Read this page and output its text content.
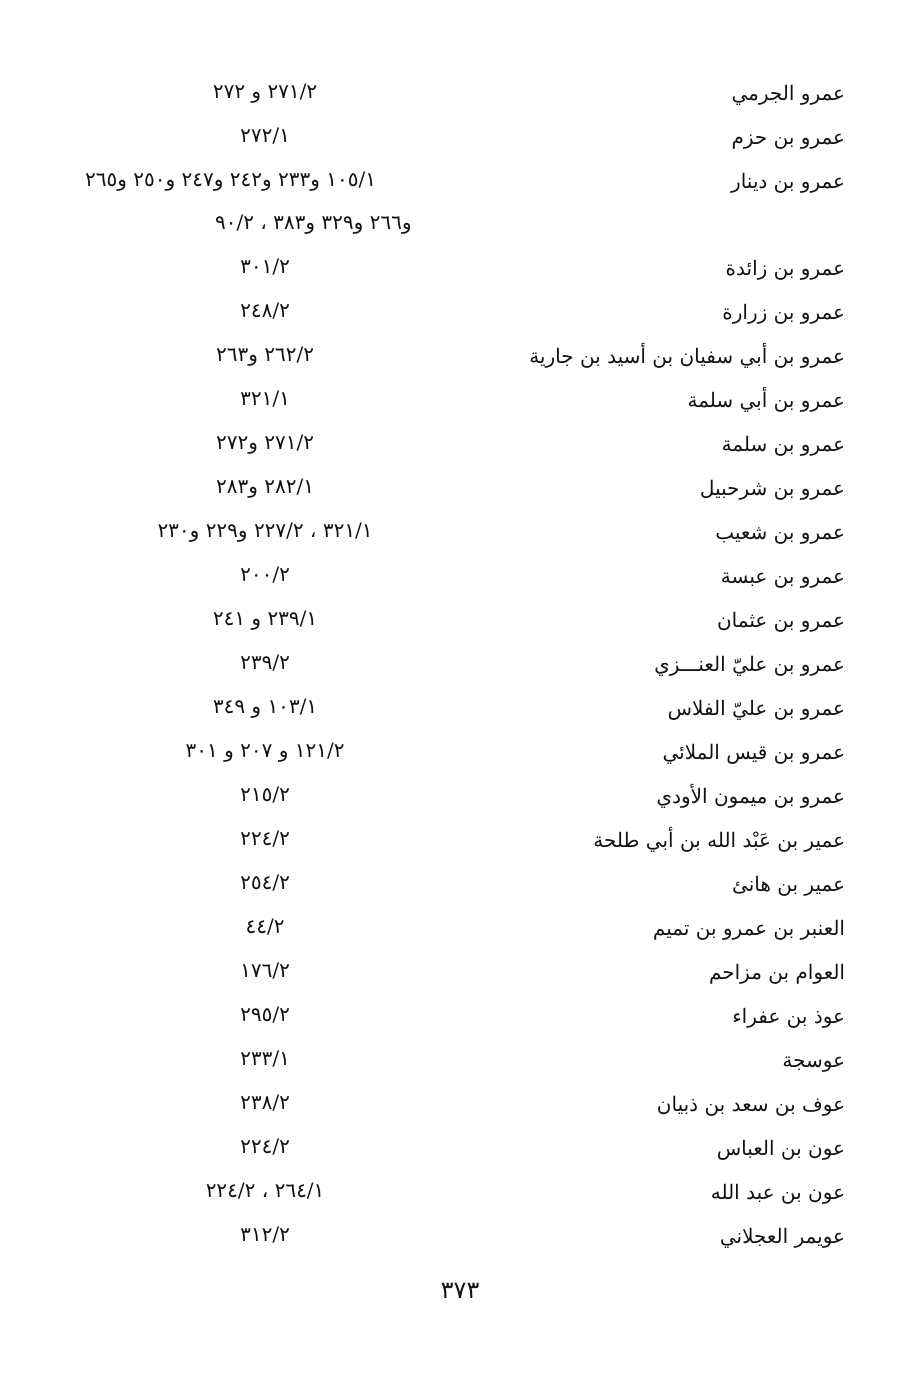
عمرو الجرمي
٢٧١/٢ و ٢٧٢
عمرو بن حزم
٢٧٢/١
عمرو بن دينار
١٠٥/١ و٢٣٣ و٢٤٢ و٢٤٧ و٢٥٠ و٢٦٥
و٢٦٦ و٣٢٩ و٣٨٣ ، ٩٠/٢
عمرو بن زائدة
٣٠١/٢
عمرو بن زرارة
٢٤٨/٢
عمرو بن أبي سفيان بن أسيد بن جارية
٢٦٢/٢ و٢٦٣
عمرو بن أبي سلمة
٣٢١/١
عمرو بن سلمة
٢٧١/٢ و٢٧٢
عمرو بن شرحبيل
٢٨٢/١ و٢٨٣
عمرو بن شعيب
٣٢١/١ ، ٢٢٧/٢ و٢٢٩ و٢٣٠
عمرو بن عبسة
٢٠٠/٢
عمرو بن عثمان
٢٣٩/١ و ٢٤١
عمرو بن عليّ العنـــزي
٢٣٩/٢
عمرو بن عليّ الفلاس
١٠٣/١ و ٣٤٩
عمرو بن قيس الملائي
١٢١/٢ و ٢٠٧ و ٣٠١
عمرو بن ميمون الأودي
٢١٥/٢
عمير بن عَبْد الله بن أبي طلحة
٢٢٤/٢
عمير بن هانئ
٢٥٤/٢
العنبر بن عمرو بن تميم
٤٤/٢
العوام بن مزاحم
١٧٦/٢
عوذ بن عفراء
٢٩٥/٢
عوسجة
٢٣٣/١
عوف بن سعد بن ذبيان
٢٣٨/٢
عون بن العباس
٢٢٤/٢
عون بن عبد الله
٢٦٤/١ ، ٢٢٤/٢
عويمر العجلاني
٣١٢/٢
٣٧٣
